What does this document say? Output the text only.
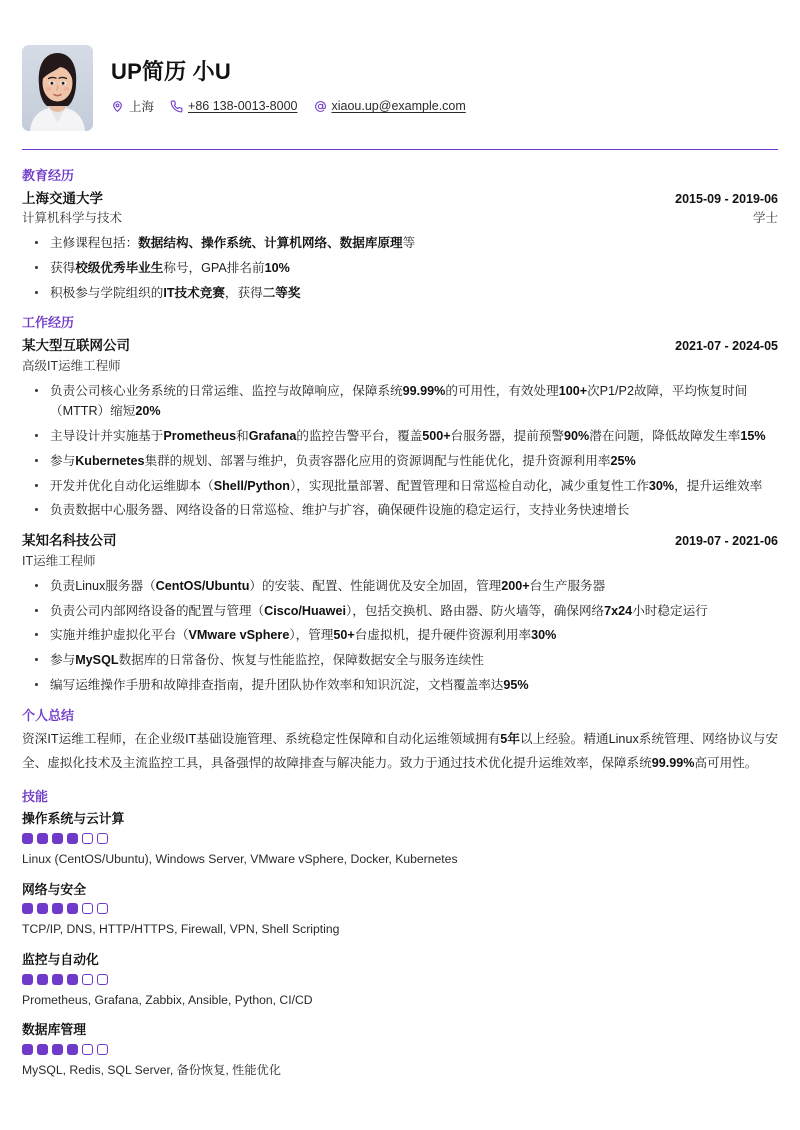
UP简历 小U
上海	+86 138-0013-8000	xiaou.up@example.com
教育经历
上海交通大学	2015-09 - 2019-06
计算机科学与技术	学士
主修课程包括：数据结构、操作系统、计算机网络、数据库原理等
获得校级优秀毕业生称号，GPA排名前10%
积极参与学院组织的IT技术竞赛，获得二等奖
工作经历
某大型互联网公司	2021-07 - 2024-05
高级IT运维工程师
负责公司核心业务系统的日常运维、监控与故障响应，保障系统99.99%的可用性，有效处理100+次P1/P2故障，平均恢复时间（MTTR）缩短20%
主导设计并实施基于Prometheus和Grafana的监控告警平台，覆盖500+台服务器，提前预警90%潜在问题，降低故障发生率15%
参与Kubernetes集群的规划、部署与维护，负责容器化应用的资源调配与性能优化，提升资源利用率25%
开发并优化自动化运维脚本（Shell/Python），实现批量部署、配置管理和日常巡检自动化，减少重复性工作30%，提升运维效率
负责数据中心服务器、网络设备的日常巡检、维护与扩容，确保硬件设施的稳定运行，支持业务快速增长
某知名科技公司	2019-07 - 2021-06
IT运维工程师
负责Linux服务器（CentOS/Ubuntu）的安装、配置、性能调优及安全加固，管理200+台生产服务器
负责公司内部网络设备的配置与管理（Cisco/Huawei），包括交换机、路由器、防火墙等，确保网络7x24小时稳定运行
实施并维护虚拟化平台（VMware vSphere），管理50+台虚拟机，提升硬件资源利用率30%
参与MySQL数据库的日常备份、恢复与性能监控，保障数据安全与服务连续性
编写运维操作手册和故障排查指南，提升团队协作效率和知识沉淀，文档覆盖率达95%
个人总结

资深IT运维工程师，在企业级IT基础设施管理、系统稳定性保障和自动化运维领域拥有5年以上经验。精通Linux系统管理、网络协议与安全、虚拟化技术及主流监控工具，具备强悍的故障排查与解决能力。致力于通过技术优化提升运维效率，保障系统99.99%高可用性。

技能
操作系统与云计算
Linux (CentOS/Ubuntu), Windows Server, VMware vSphere, Docker, Kubernetes
网络与安全
TCP/IP, DNS, HTTP/HTTPS, Firewall, VPN, Shell Scripting
监控与自动化
Prometheus, Grafana, Zabbix, Ansible, Python, CI/CD
数据库管理
MySQL, Redis, SQL Server, 备份恢复, 性能优化
